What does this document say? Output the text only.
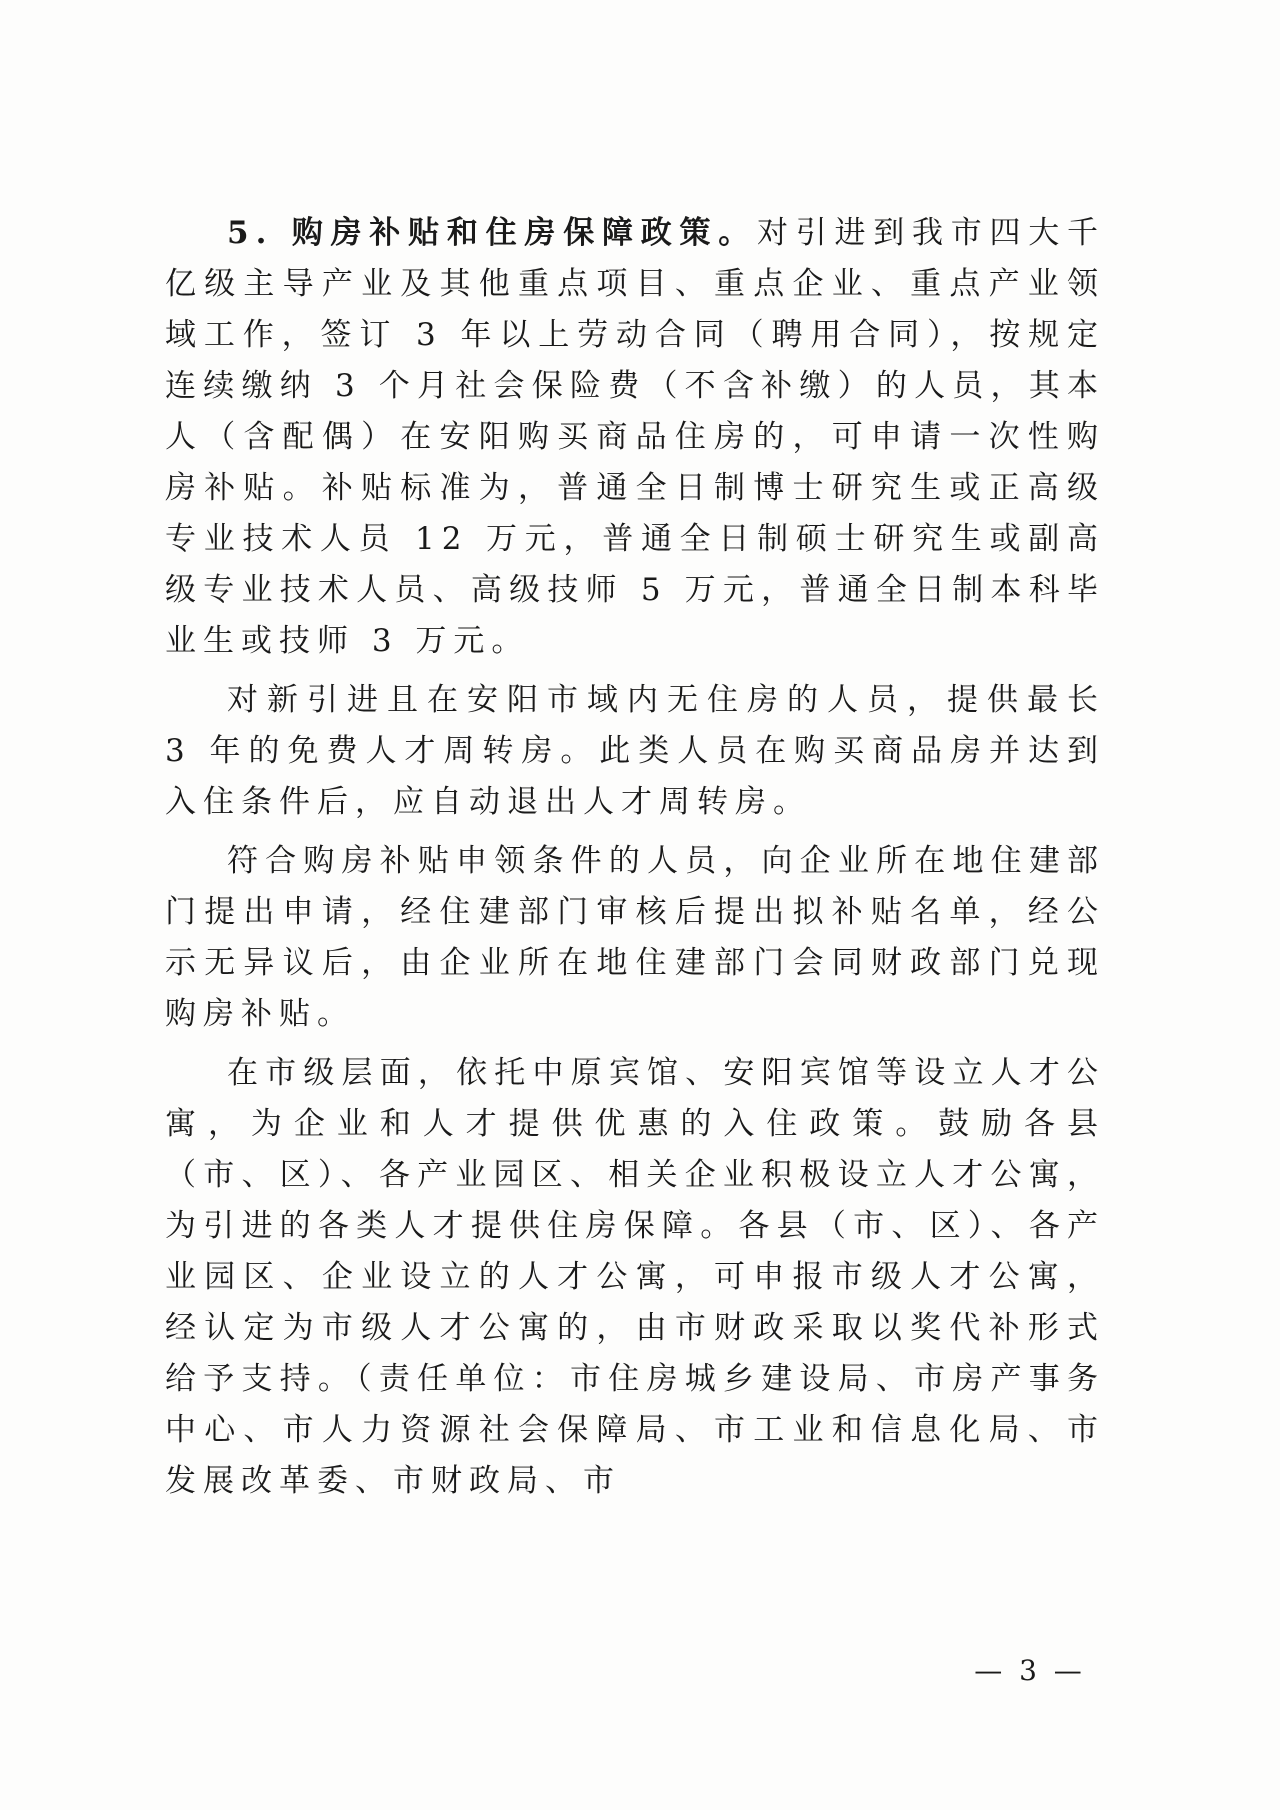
5. 购房补贴和住房保障政策。对引进到我市四大千亿级主导产业及其他重点项目、重点企业、重点产业领域工作，签订 3 年以上劳动合同（聘用合同），按规定连续缴纳 3 个月社会保险费（不含补缴）的人员，其本人（含配偶）在安阳购买商品住房的，可申请一次性购房补贴。补贴标准为，普通全日制博士研究生或正高级专业技术人员 12 万元，普通全日制硕士研究生或副高级专业技术人员、高级技师 5 万元，普通全日制本科毕业生或技师 3 万元。

对新引进且在安阳市域内无住房的人员，提供最长 3 年的免费人才周转房。此类人员在购买商品房并达到入住条件后，应自动退出人才周转房。

符合购房补贴申领条件的人员，向企业所在地住建部门提出申请，经住建部门审核后提出拟补贴名单，经公示无异议后，由企业所在地住建部门会同财政部门兑现购房补贴。

在市级层面，依托中原宾馆、安阳宾馆等设立人才公寓，为企业和人才提供优惠的入住政策。鼓励各县（市、区）、各产业园区、相关企业积极设立人才公寓，为引进的各类人才提供住房保障。各县（市、区）、各产业园区、企业设立的人才公寓，可申报市级人才公寓，经认定为市级人才公寓的，由市财政采取以奖代补形式给予支持。（责任单位：市住房城乡建设局、市房产事务中心、市人力资源社会保障局、市工业和信息化局、市发展改革委、市财政局、市

— 3 —
